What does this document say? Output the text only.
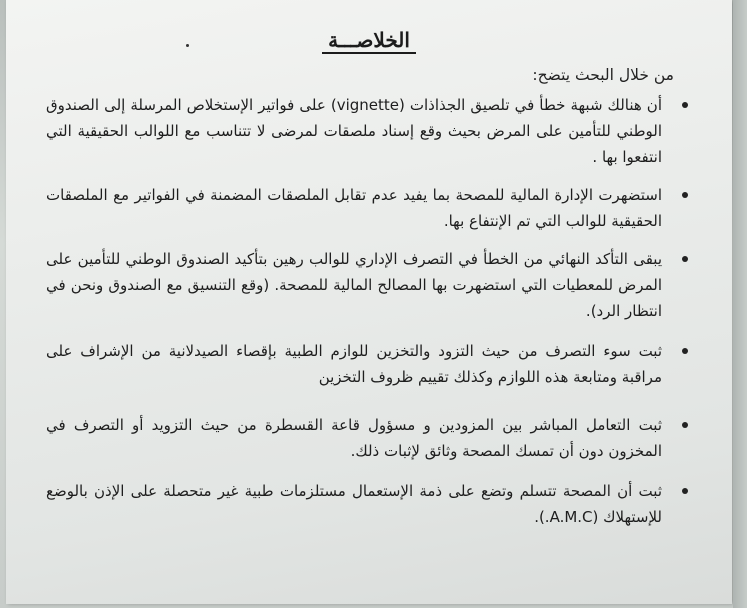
الخلاصـــة
من خلال البحث يتضح:

أن هنالك شبهة خطأ في تلصيق الجذاذات (vignette) على فواتير الإستخلاص المرسلة إلى الصندوق الوطني للتأمين على المرض بحيث وقع إسناد ملصقات لمرضى لا تتناسب مع اللوالب الحقيقية التي انتفعوا بها .

استضهرت الإدارة المالية للمصحة بما يفيد عدم تقابل الملصقات المضمنة في الفواتير مع الملصقات الحقيقية للوالب التي تم الإنتفاع بها.

يبقى التأكد النهائي من الخطأ في التصرف الإداري للوالب رهين بتأكيد الصندوق الوطني للتأمين على المرض للمعطيات التي استضهرت بها المصالح المالية للمصحة. (وقع التنسيق مع الصندوق ونحن في انتظار الرد).

ثبت سوء التصرف من حيث التزود والتخزين للوازم الطبية بإقصاء الصيدلانية من الإشراف على مراقبة ومتابعة هذه اللوازم وكذلك تقييم ظروف التخزين

ثبت التعامل المباشر بين المزودين و مسؤول قاعة القسطرة من حيث التزويد أو التصرف في المخزون دون أن تمسك المصحة وثائق لإثبات ذلك.

ثبت أن المصحة تتسلم وتضع على ذمة الإستعمال مستلزمات طبية غير متحصلة على الإذن بالوضع للإستهلاك (A.M.C.).
